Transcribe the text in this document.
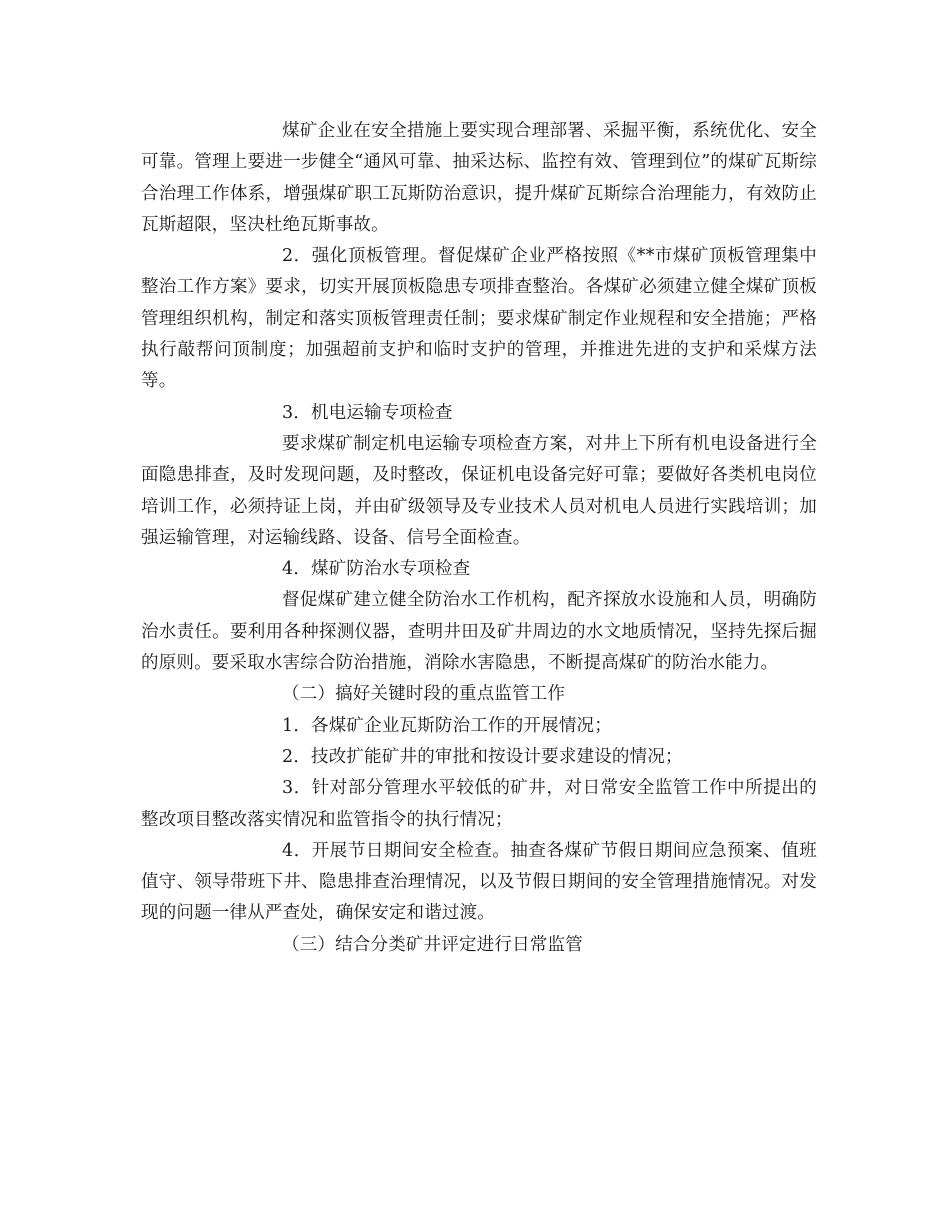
煤矿企业在安全措施上要实现合理部署、采掘平衡，系统优化、安全可靠。管理上要进一步健全“通风可靠、抽采达标、监控有效、管理到位”的煤矿瓦斯综合治理工作体系，增强煤矿职工瓦斯防治意识，提升煤矿瓦斯综合治理能力，有效防止瓦斯超限，坚决杜绝瓦斯事故。

2．强化顶板管理。督促煤矿企业严格按照《**市煤矿顶板管理集中整治工作方案》要求，切实开展顶板隐患专项排查整治。各煤矿必须建立健全煤矿顶板管理组织机构，制定和落实顶板管理责任制；要求煤矿制定作业规程和安全措施；严格执行敲帮问顶制度；加强超前支护和临时支护的管理，并推进先进的支护和采煤方法等。

3．机电运输专项检查

要求煤矿制定机电运输专项检查方案，对井上下所有机电设备进行全面隐患排查，及时发现问题，及时整改，保证机电设备完好可靠；要做好各类机电岗位培训工作，必须持证上岗，并由矿级领导及专业技术人员对机电人员进行实践培训；加强运输管理，对运输线路、设备、信号全面检查。

4．煤矿防治水专项检查

督促煤矿建立健全防治水工作机构，配齐探放水设施和人员，明确防治水责任。要利用各种探测仪器，查明井田及矿井周边的水文地质情况，坚持先探后掘的原则。要采取水害综合防治措施，消除水害隐患，不断提高煤矿的防治水能力。

（二）搞好关键时段的重点监管工作

1．各煤矿企业瓦斯防治工作的开展情况；

2．技改扩能矿井的审批和按设计要求建设的情况；

3．针对部分管理水平较低的矿井，对日常安全监管工作中所提出的整改项目整改落实情况和监管指令的执行情况；

4．开展节日期间安全检查。抽查各煤矿节假日期间应急预案、值班值守、领导带班下井、隐患排查治理情况，以及节假日期间的安全管理措施情况。对发现的问题一律从严查处，确保安定和谐过渡。

（三）结合分类矿井评定进行日常监管
